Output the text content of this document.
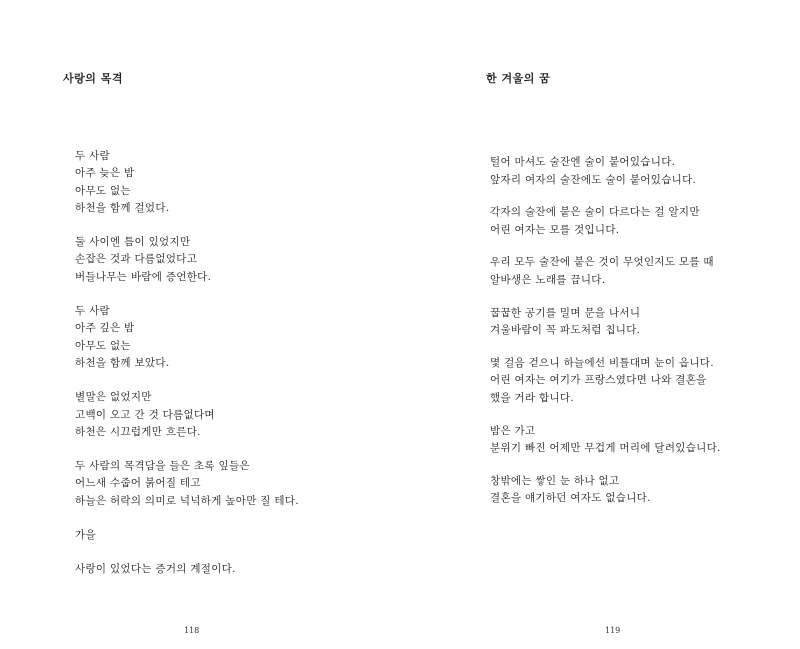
사랑의 목격

두 사람
아주 늦은 밤
아무도 없는
하천을 함께 걸었다.

둘 사이엔 틈이 있었지만
손잡은 것과 다름없었다고
버들나무는 바람에 증언한다.

두 사람
아주 깊은 밤
아무도 없는
하천을 함께 보았다.

별말은 없었지만
고백이 오고 간 것 다름없다며
하천은 시끄럽게만 흐른다.

두 사람의 목격담을 들은 초록 잎들은
어느새 수줍어 붉어질 테고
하늘은 허락의 의미로 넉넉하게 높아만 질 테다.

가을

사랑이 있었다는 증거의 계절이다.

118
한 겨울의 꿈

털어 마셔도 술잔엔 술이 붙어있습니다.
앞자리 여자의 술잔에도 술이 붙어있습니다.

각자의 술잔에 붙은 술이 다르다는 걸 알지만
어린 여자는 모를 것입니다.

우리 모두 술잔에 붙은 것이 무엇인지도 모를 때
알바생은 노래를 끕니다.

꿉꿉한 공기를 밀며 문을 나서니
겨울바람이 꼭 파도처럼 칩니다.

몇 걸음 걷으니 하늘에선 비틀대며 눈이 옵니다.
어린 여자는 여기가 프랑스였다면 나와 결혼을
했을 거라 합니다.

밤은 가고
분위기 빠진 어제만 무겁게 머리에 달려있습니다.

창밖에는 쌓인 눈 하나 없고
결혼을 얘기하던 여자도 없습니다.

119
